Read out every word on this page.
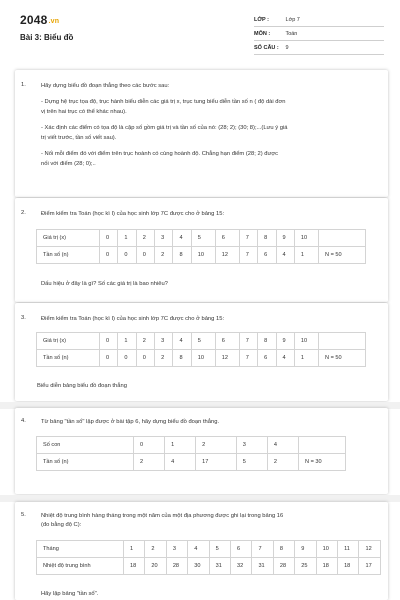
2048.vn
Bài 3: Biểu đồ
LỚP :	Lớp 7
MÔN :	Toán
SỐ CÂU : 9
1.	Hãy dựng biểu đồ đoạn thẳng theo các bước sau:
- Dựng hệ trục tọa độ, trục hành biểu diễn các giá trị x, trục tung biểu diễn tần số n ( độ dài đơn
vị trên hai trục có thể khác nhau).
- Xác định các điểm có tọa độ là cặp số gồm giá trị và tần số của nó: (28; 2); (30; 8);...(Lưu ý giá
trị viết trước, tần số viết sau).
- Nối mỗi điểm đó với điểm trên trục hoành có cùng hoành độ. Chẳng hạn điểm (28; 2) được
nối với điểm (28; 0);..
2.	Điểm kiểm tra Toán (học kì I) của học sinh lớp 7C được cho ở bảng 15:
Giá trị (x)	0	1	2	3	4	5	6	7	8	9	10	
Tần số (n)	0	0	0	2	8	10	12	7	6	4	1	N = 50
Dấu hiệu ở đây là gì? Số các giá trị là bao nhiêu?
3.	Điểm kiểm tra Toán (học kì I) của học sinh lớp 7C được cho ở bảng 15:
Giá trị (x)	0	1	2	3	4	5	6	7	8	9	10	
Tần số (n)	0	0	0	2	8	10	12	7	6	4	1	N = 50
Biểu diễn bảng biểu đồ đoạn thẳng
4.	Từ bảng "tần số" lập được ở bài tập 6, hãy dựng biểu đồ đoạn thẳng.
Số con	0	1	2	3	4	
Tần số (n)	2	4	17	5	2	N = 30
5.	Nhiệt độ trung bình hàng tháng trong một năm của một địa phương được ghi lại trong bảng 16
(đo bằng độ C):
Tháng	1	2	3	4	5	6	7	8	9	10	11	12
Nhiệt độ trung bình	18	20	28	30	31	32	31	28	25	18	18	17
Hãy lập bảng "tần số".
